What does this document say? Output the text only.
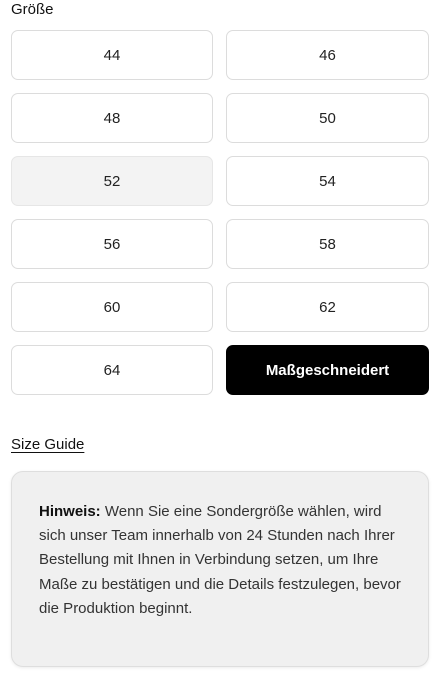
Größe
44	46
48	50
52	54
56	58
60	62
64	Maßgeschneidert
Size Guide

Hinweis: Wenn Sie eine Sondergröße wählen, wird sich unser Team innerhalb von 24 Stunden nach Ihrer Bestellung mit Ihnen in Verbindung setzen, um Ihre Maße zu bestätigen und die Details festzulegen, bevor die Produktion beginnt.
